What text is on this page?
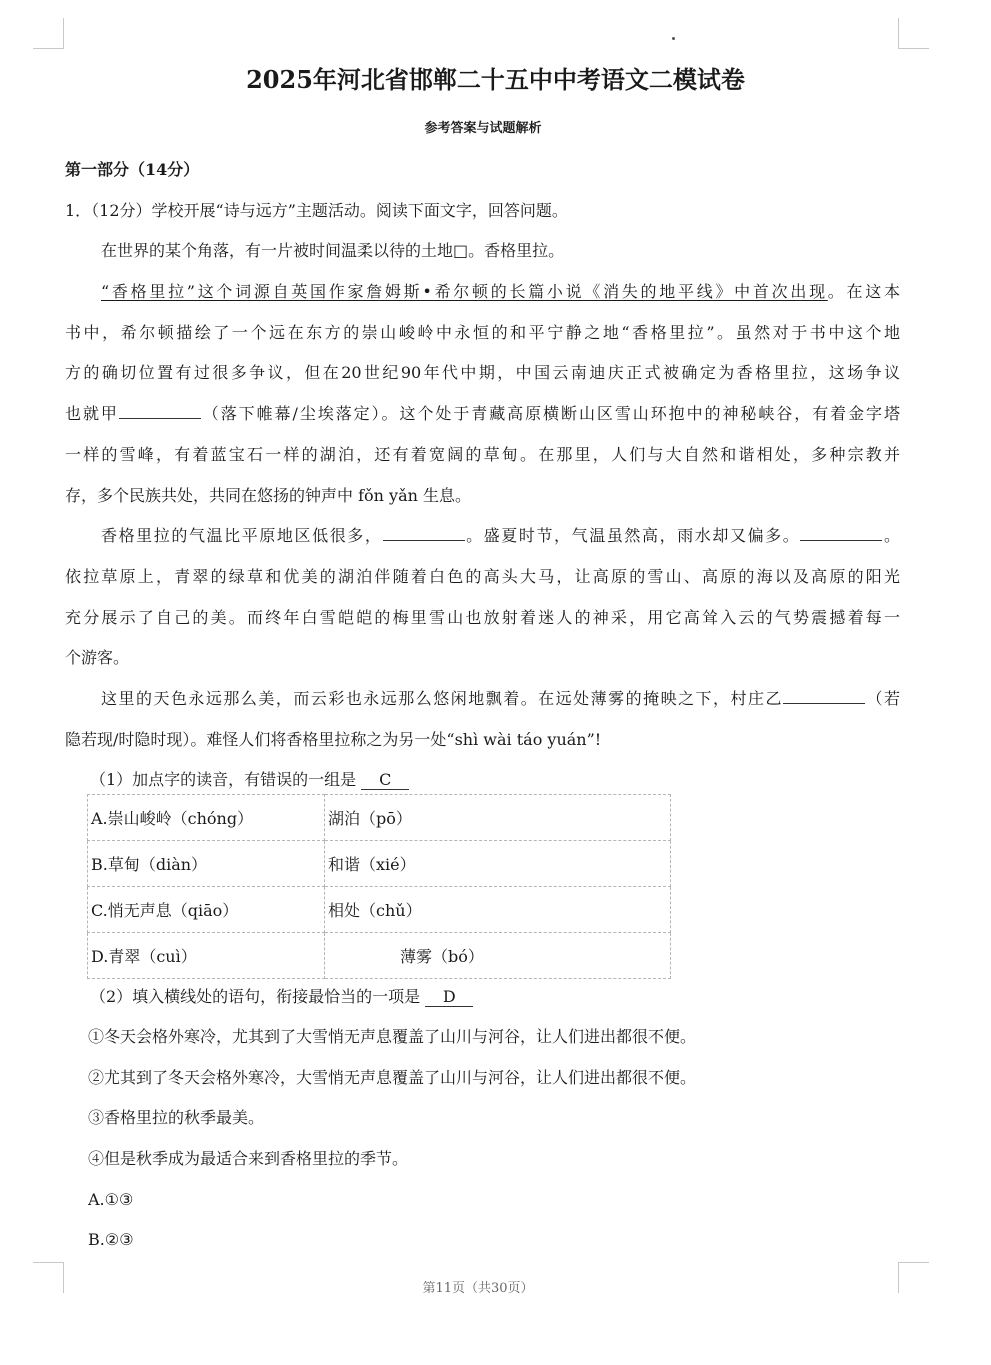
2025年河北省邯郸二十五中中考语文二模试卷
参考答案与试题解析
第一部分（14分）
1．（12分）学校开展“诗与远方”主题活动。阅读下面文字，回答问题。
在世界的某个角落，有一片被时间温柔以待的土地□。香格里拉。
“香格里拉”这个词源自英国作家詹姆斯•希尔顿的长篇小说《消失的地平线》中首次出现。在这本
书中，希尔顿描绘了一个远在东方的崇山峻岭中永恒的和平宁静之地“香格里拉”。虽然对于书中这个地
方的确切位置有过很多争议，但在20世纪90年代中期，中国云南迪庆正式被确定为香格里拉，这场争议
也就甲	（落下帷幕/尘埃落定）。这个处于青藏高原横断山区雪山环抱中的神秘峡谷，有着金字塔
一样的雪峰，有着蓝宝石一样的湖泊，还有着宽阔的草甸。在那里，人们与大自然和谐相处，多种宗教并
存，多个民族共处，共同在悠扬的钟声中 fǒn yǎn 生息。
香格里拉的气温比平原地区低很多，	。盛夏时节，气温虽然高，雨水却又偏多。	。
依拉草原上，青翠的绿草和优美的湖泊伴随着白色的高头大马，让高原的雪山、高原的海以及高原的阳光
充分展示了自己的美。而终年白雪皑皑的梅里雪山也放射着迷人的神采，用它高耸入云的气势震撼着每一
个游客。
这里的天色永远那么美，而云彩也永远那么悠闲地飘着。在远处薄雾的掩映之下，村庄乙	（若
隐若现/时隐时现）。难怪人们将香格里拉称之为另一处“shì wài táo yuán”!
（1）加点字的读音，有错误的一组是 C
A.崇山峻岭（chóng）	湖泊（pō）
B.草甸（diàn）	和谐（xié）
C.悄无声息（qiāo）	相处（chǔ）
D.青翠（cuì）	薄雾（bó）
（2）填入横线处的语句，衔接最恰当的一项是 D
①冬天会格外寒冷，尤其到了大雪悄无声息覆盖了山川与河谷，让人们进出都很不便。
②尤其到了冬天会格外寒冷，大雪悄无声息覆盖了山川与河谷，让人们进出都很不便。
③香格里拉的秋季最美。
④但是秋季成为最适合来到香格里拉的季节。
A.①③
B.②③
第11页（共30页）
